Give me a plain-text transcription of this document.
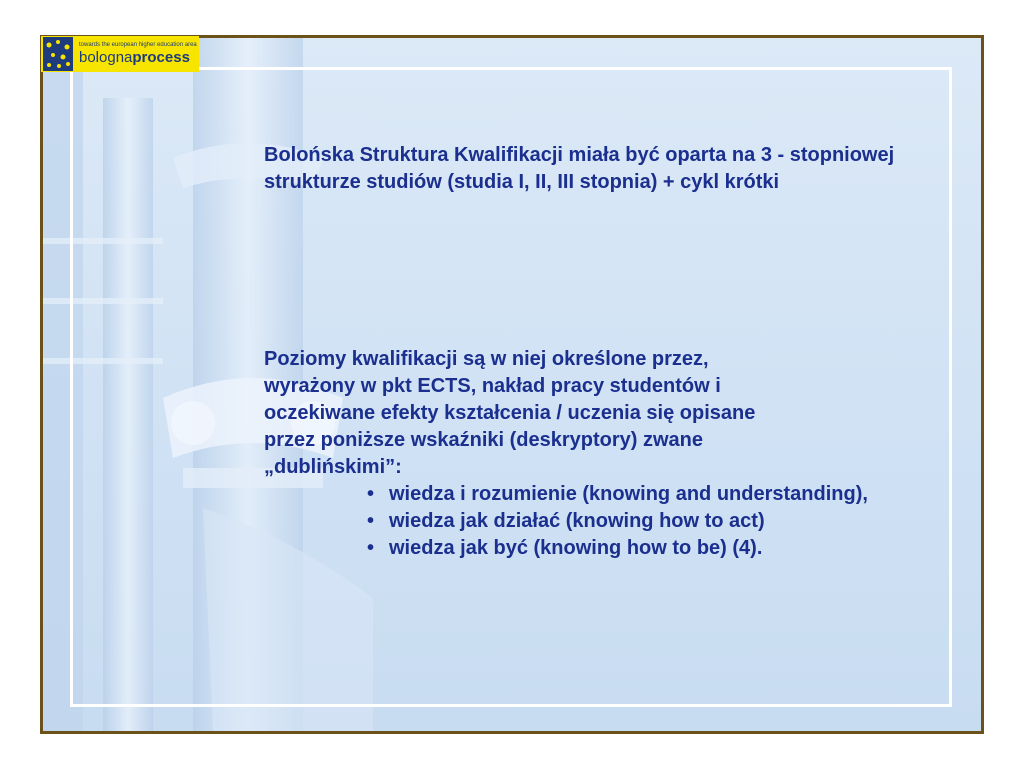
towards the european higher education area
bolognaprocess

Bolońska Struktura Kwalifikacji miała być oparta na 3 - stopniowej strukturze studiów (studia I, II, III stopnia) + cykl krótki

Poziomy kwalifikacji są w niej określone przez,
wyrażony w pkt ECTS, nakład pracy studentów i
oczekiwane efekty kształcenia / uczenia się opisane
przez poniższe wskaźniki (deskryptory) zwane
„dublińskimi”:
• wiedza i rozumienie (knowing and understanding),
• wiedza jak działać (knowing how to act)
• wiedza jak być (knowing how to be) (4).
